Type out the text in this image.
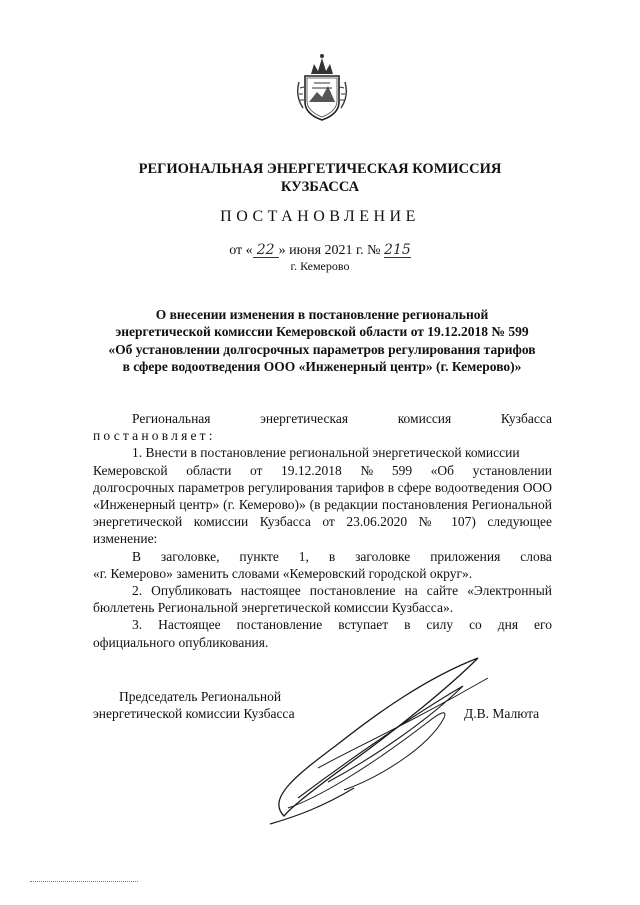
РЕГИОНАЛЬНАЯ ЭНЕРГЕТИЧЕСКАЯ КОМИССИЯ
КУЗБАССА
ПОСТАНОВЛЕНИЕ
от « 22 » июня 2021 г. № 215
г. Кемерово
О внесении изменения в постановление региональной
энергетической комиссии Кемеровской области от 19.12.2018 № 599
«Об установлении долгосрочных параметров регулирования тарифов
в сфере водоотведения ООО «Инженерный центр» (г. Кемерово)»
Региональная	энергетическая	комиссия	Кузбасса

постановляет:

1. Внести в постановление региональной энергетической комиссии

Кемеровской области от 19.12.2018 № 599 «Об установлении

долгосрочных параметров регулирования тарифов в сфере водоотведения ООО «Инженерный центр» (г. Кемерово)» (в редакции постановления Региональной энергетической комиссии Кузбасса от 23.06.2020 № 107) следующее изменение:

В заголовке, пункте 1, в заголовке приложения слова

«г. Кемерово» заменить словами «Кемеровский городской округ».

2. Опубликовать настоящее постановление на сайте «Электронный бюллетень Региональной энергетической комиссии Кузбасса».

3. Настоящее постановление вступает в силу со дня его

официального опубликования.

Председатель Региональной
энергетической комиссии Кузбасса	Д.В. Малюта
